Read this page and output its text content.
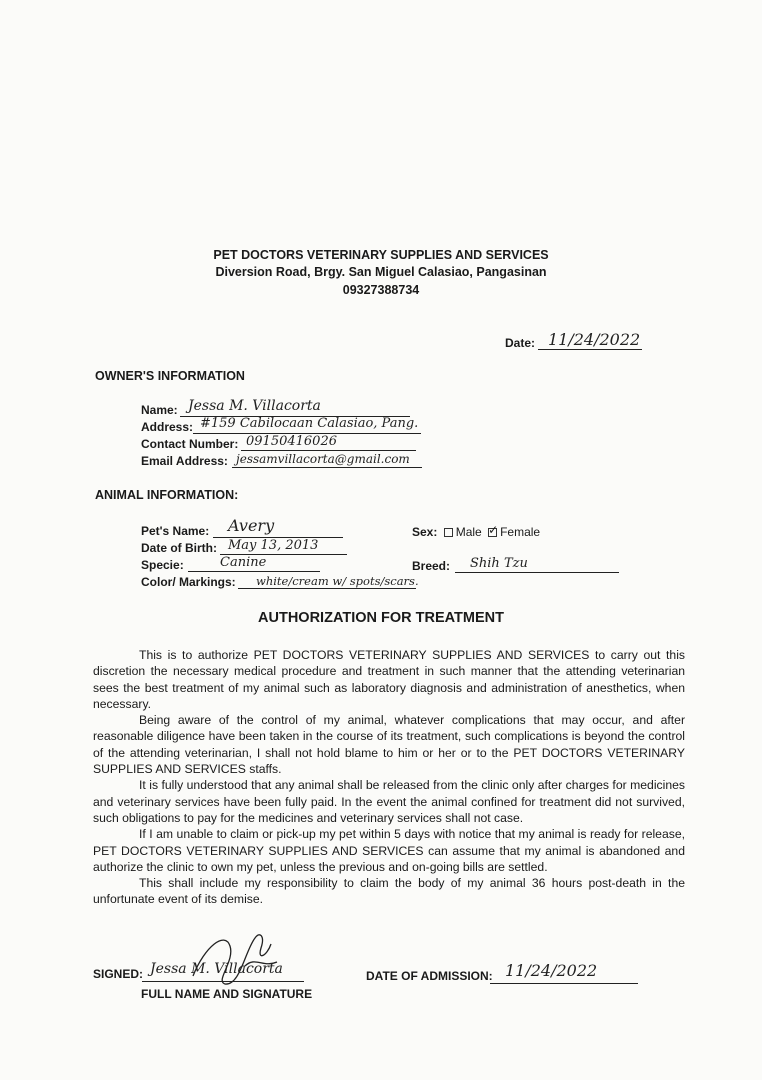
PET DOCTORS VETERINARY SUPPLIES AND SERVICES
Diversion Road, Brgy. San Miguel Calasiao, Pangasinan
09327388734
Date: 11/24/2022
OWNER'S INFORMATION
Name: Jessa M. Villacorta
Address: #159 Cabilocaan Calasiao, Pang.
Contact Number: 09150416026
Email Address: jessamvillacorta@gmail.com
ANIMAL INFORMATION:
Pet's Name: Avery
Date of Birth: May 13, 2013
Specie:	Canine
Color/ Markings: white/cream w/ spots/scars.
Sex: Male ✓ Female
Breed: Shih Tzu
AUTHORIZATION FOR TREATMENT

This is to authorize PET DOCTORS VETERINARY SUPPLIES AND SERVICES to carry out this discretion the necessary medical procedure and treatment in such manner that the attending veterinarian sees the best treatment of my animal such as laboratory diagnosis and administration of anesthetics, when necessary.

Being aware of the control of my animal, whatever complications that may occur, and after reasonable diligence have been taken in the course of its treatment, such complications is beyond the control of the attending veterinarian, I shall not hold blame to him or her or to the PET DOCTORS VETERINARY SUPPLIES AND SERVICES staffs.

It is fully understood that any animal shall be released from the clinic only after charges for medicines and veterinary services have been fully paid. In the event the animal confined for treatment did not survived, such obligations to pay for the medicines and veterinary services shall not case.

If I am unable to claim or pick-up my pet within 5 days with notice that my animal is ready for release, PET DOCTORS VETERINARY SUPPLIES AND SERVICES can assume that my animal is abandoned and authorize the clinic to own my pet, unless the previous and on-going bills are settled.

This shall include my responsibility to claim the body of my animal 36 hours post-death in the unfortunate event of its demise.

SIGNED: Jessa M. Villacorta
FULL NAME AND SIGNATURE
DATE OF ADMISSION: 11/24/2022
